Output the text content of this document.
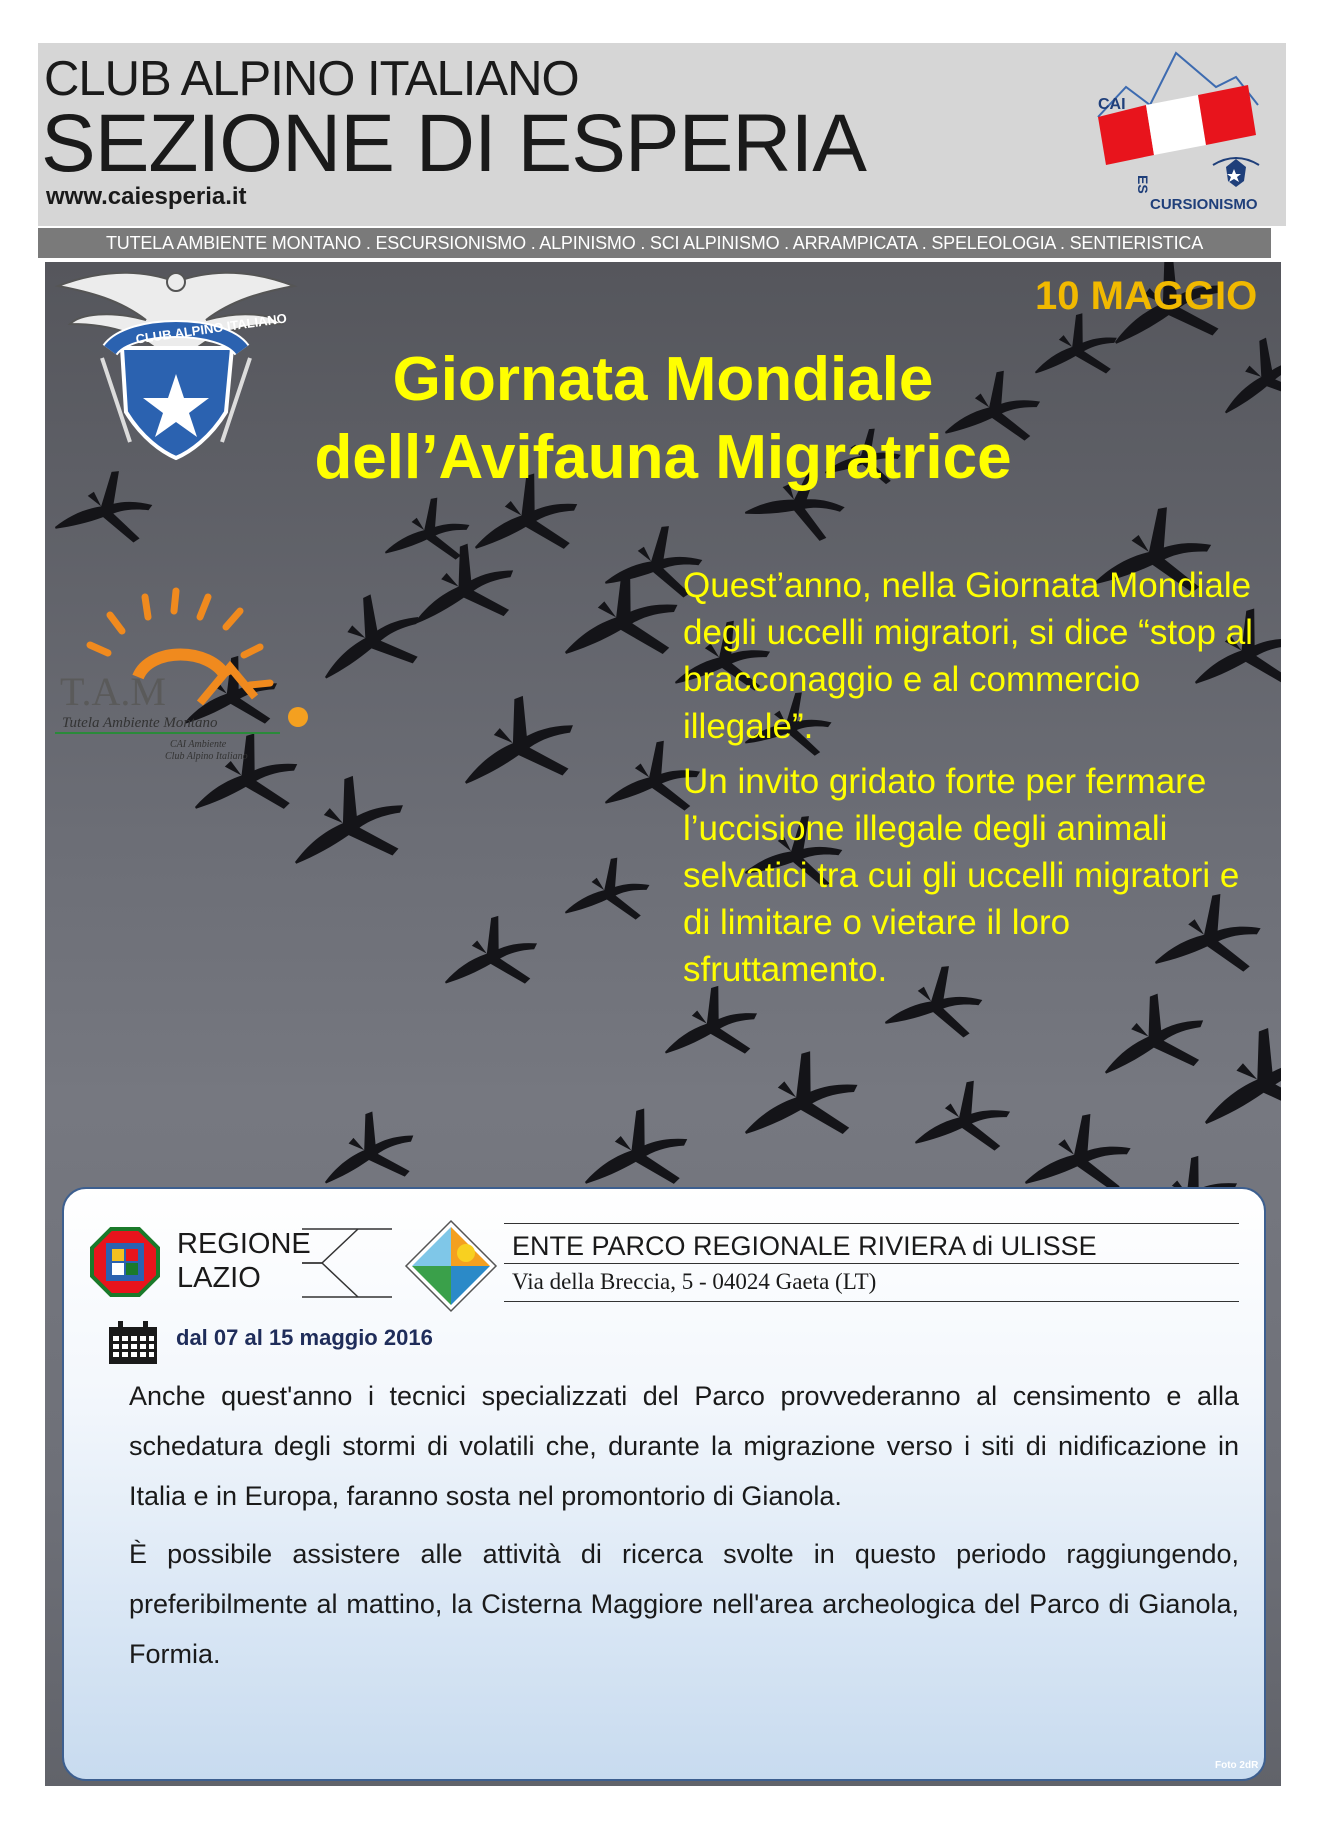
CLUB ALPINO ITALIANO
SEZIONE DI ESPERIA
www.caiesperia.it
CAI
ES
CURSIONISMO
TUTELA AMBIENTE MONTANO . ESCURSIONISMO . ALPINISMO . SCI ALPINISMO . ARRAMPICATA . SPELEOLOGIA . SENTIERISTICA
CLUB ALPINO ITALIANO
10 MAGGIO
Giornata Mondiale
dell’Avifauna Migratrice
T.A.M
Tutela Ambiente Montano
CAI Ambiente
Club Alpino Italiano

Quest’anno, nella Giornata Mondiale degli uccelli migratori, si dice “stop al bracconaggio e al commercio illegale”.

Un invito gridato forte per fermare l’uccisione illegale degli animali selvatici tra cui gli uccelli migratori e di limitare o vietare il loro sfruttamento.

REGIONE
LAZIO
ENTE PARCO REGIONALE RIVIERA di ULISSE
Via della Breccia, 5 - 04024 Gaeta (LT)
dal 07 al 15 maggio 2016

Anche quest'anno i tecnici specializzati del Parco provvederanno al censimento e alla schedatura degli stormi di volatili che, durante la migrazione verso i siti di nidificazione in Italia e in Europa, faranno sosta nel promontorio di Gianola.

È possibile assistere alle attività di ricerca svolte in questo periodo raggiungendo, preferibilmente al mattino, la Cisterna Maggiore nell'area archeologica del Parco di Gianola, Formia.

Foto 2dR
